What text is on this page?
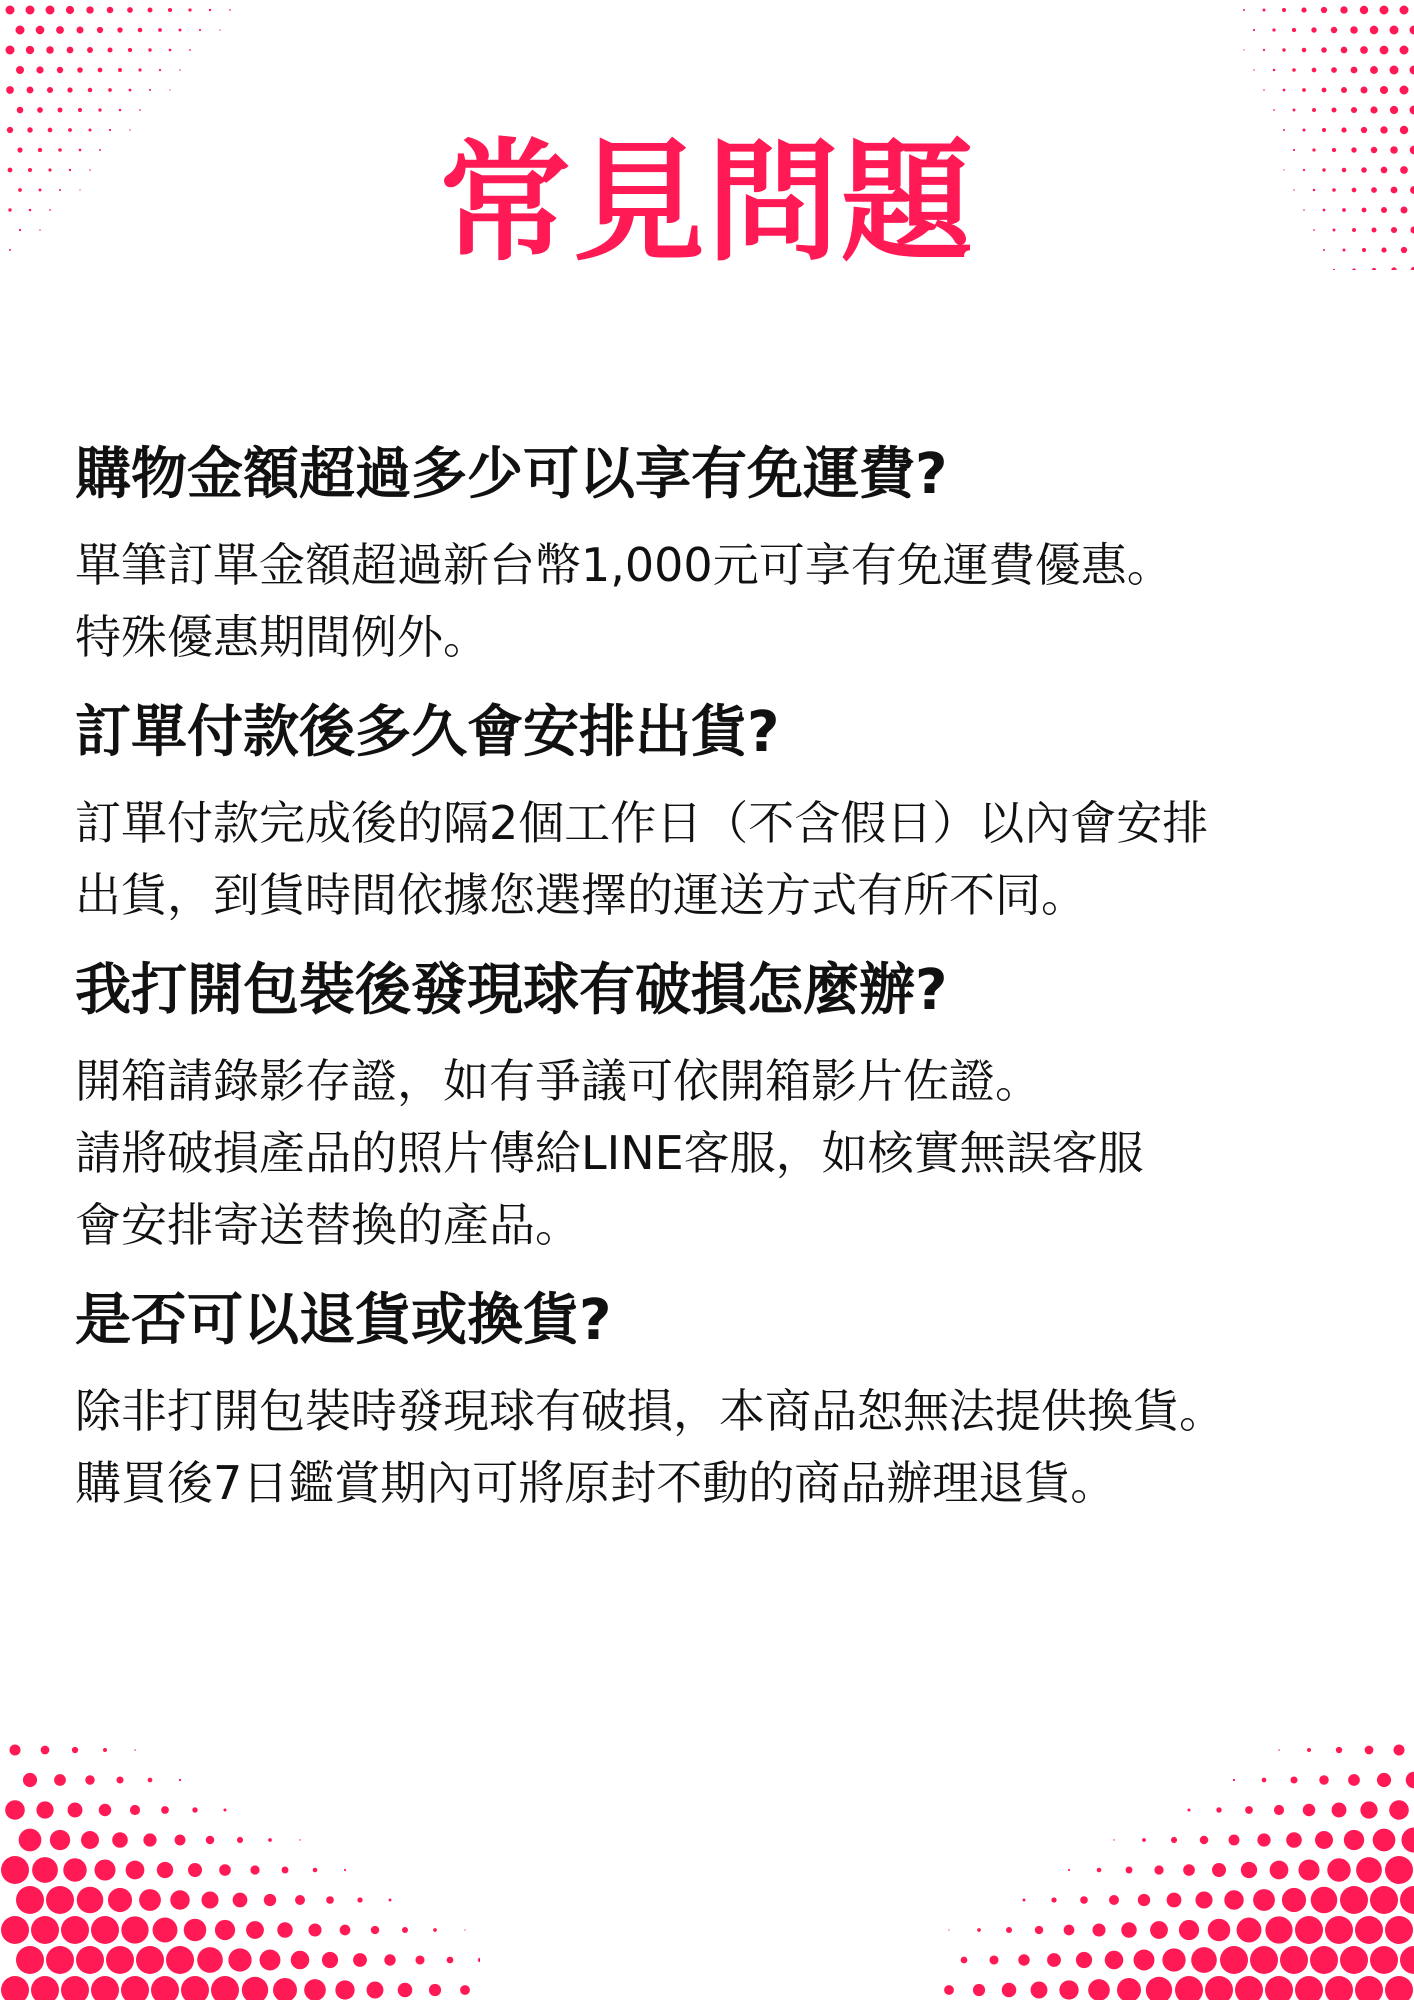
常見問題
購物金額超過多少可以享有免運費?

單筆訂單金額超過新台幣1,000元可享有免運費優惠。

特殊優惠期間例外。

訂單付款後多久會安排出貨?

訂單付款完成後的隔2個工作日（不含假日）以內會安排

出貨，到貨時間依據您選擇的運送方式有所不同。

我打開包裝後發現球有破損怎麼辦?

開箱請錄影存證，如有爭議可依開箱影片佐證。

請將破損產品的照片傳給LINE客服，如核實無誤客服

會安排寄送替換的產品。

是否可以退貨或換貨?

除非打開包裝時發現球有破損，本商品恕無法提供換貨。

購買後7日鑑賞期內可將原封不動的商品辦理退貨。
